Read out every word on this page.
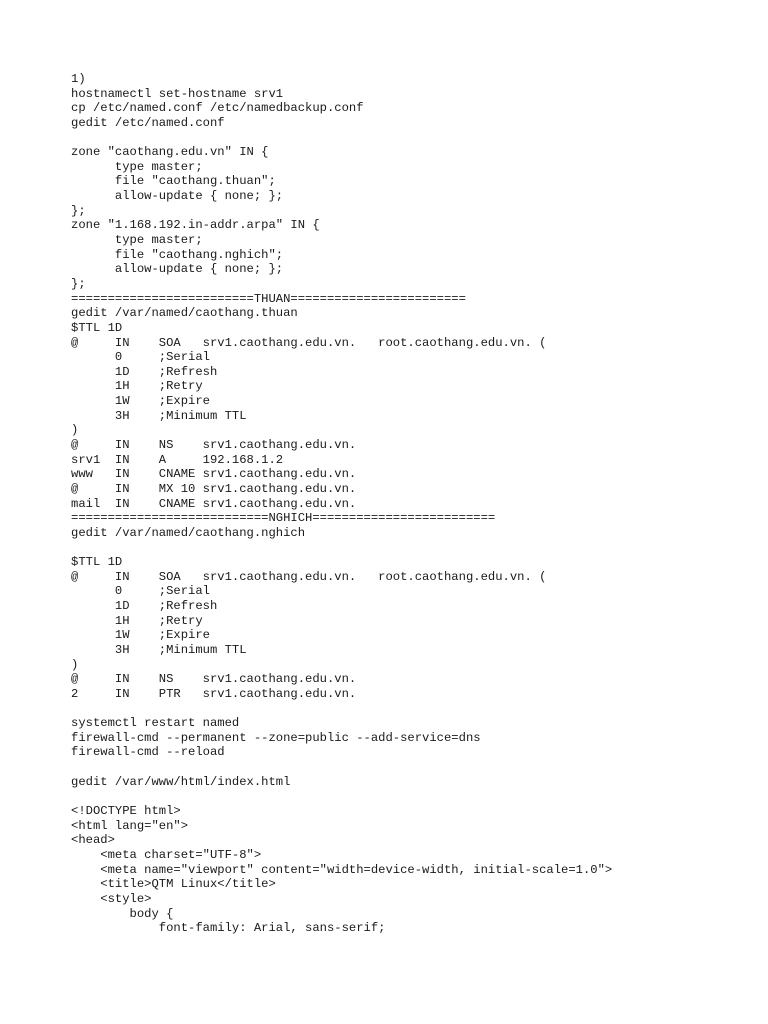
1)
hostnamectl set-hostname srv1
cp /etc/named.conf /etc/namedbackup.conf
gedit /etc/named.conf
zone "caothang.edu.vn" IN {
type master;
file "caothang.thuan";
allow-update { none; };
};
zone "1.168.192.in-addr.arpa" IN {
type master;
file "caothang.nghich";
allow-update { none; };
};
=========================THUAN========================
gedit /var/named/caothang.thuan
$TTL 1D
@     IN    SOA   srv1.caothang.edu.vn.   root.caothang.edu.vn. (
0     ;Serial
1D    ;Refresh
1H    ;Retry
1W    ;Expire
3H    ;Minimum TTL
)
@     IN    NS    srv1.caothang.edu.vn.
srv1  IN    A     192.168.1.2
www   IN    CNAME srv1.caothang.edu.vn.
@     IN    MX 10 srv1.caothang.edu.vn.
mail  IN    CNAME srv1.caothang.edu.vn.
===========================NGHICH=========================
gedit /var/named/caothang.nghich
$TTL 1D
@     IN    SOA   srv1.caothang.edu.vn.   root.caothang.edu.vn. (
0     ;Serial
1D    ;Refresh
1H    ;Retry
1W    ;Expire
3H    ;Minimum TTL
)
@     IN    NS    srv1.caothang.edu.vn.
2     IN    PTR   srv1.caothang.edu.vn.
systemctl restart named
firewall-cmd --permanent --zone=public --add-service=dns
firewall-cmd --reload
gedit /var/www/html/index.html
<!DOCTYPE html>
<html lang="en">
<head>
<meta charset="UTF-8">
<meta name="viewport" content="width=device-width, initial-scale=1.0">
<title>QTM Linux</title>
<style>
body {
font-family: Arial, sans-serif;
